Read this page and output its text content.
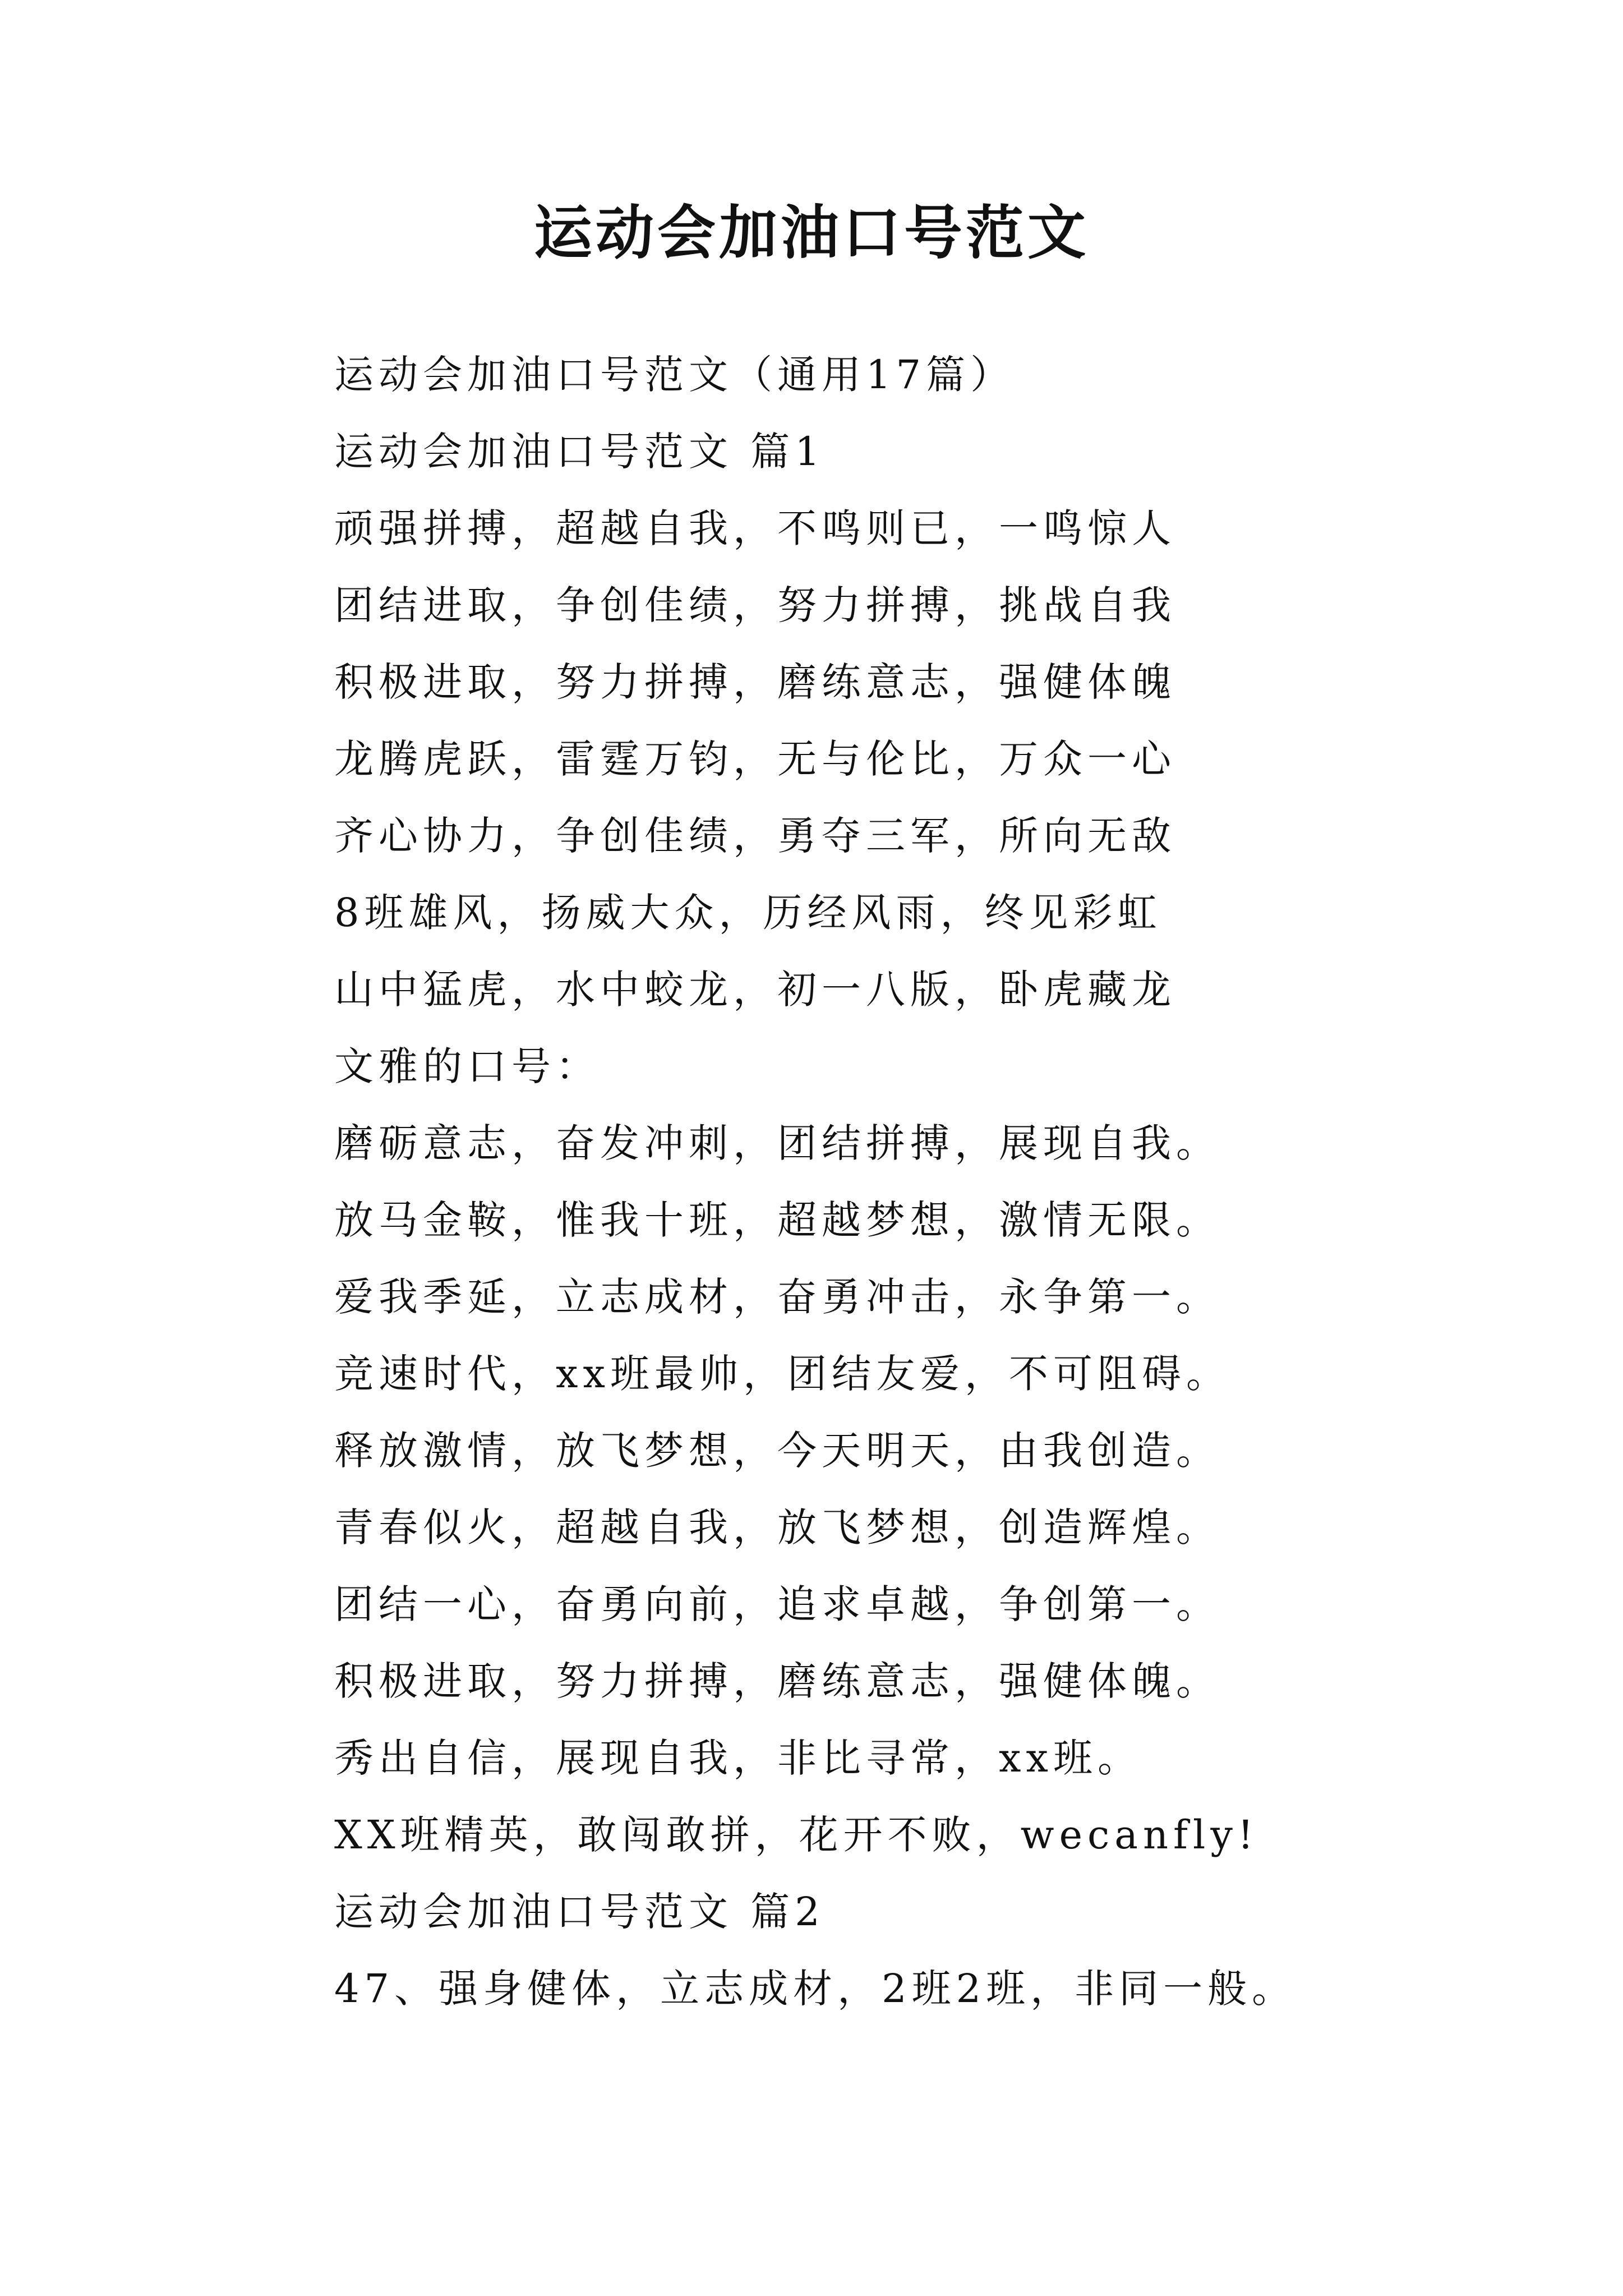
运动会加油口号范文
运动会加油口号范文（通用17篇）
运动会加油口号范文 篇1
顽强拼搏，超越自我，不鸣则已，一鸣惊人
团结进取，争创佳绩，努力拼搏，挑战自我
积极进取，努力拼搏，磨练意志，强健体魄
龙腾虎跃，雷霆万钧，无与伦比，万众一心
齐心协力，争创佳绩，勇夺三军，所向无敌
8班雄风，扬威大众，历经风雨，终见彩虹
山中猛虎，水中蛟龙，初一八版，卧虎藏龙
文雅的口号：
磨砺意志，奋发冲刺，团结拼搏，展现自我。
放马金鞍，惟我十班，超越梦想，激情无限。
爱我季延，立志成材，奋勇冲击，永争第一。
竞速时代，xx班最帅，团结友爱，不可阻碍。
释放激情，放飞梦想，今天明天，由我创造。
青春似火，超越自我，放飞梦想，创造辉煌。
团结一心，奋勇向前，追求卓越，争创第一。
积极进取，努力拼搏，磨练意志，强健体魄。
秀出自信，展现自我，非比寻常，xx班。
XX班精英，敢闯敢拼，花开不败，wecanfly!
运动会加油口号范文 篇2
47、强身健体，立志成材，2班2班，非同一般。
